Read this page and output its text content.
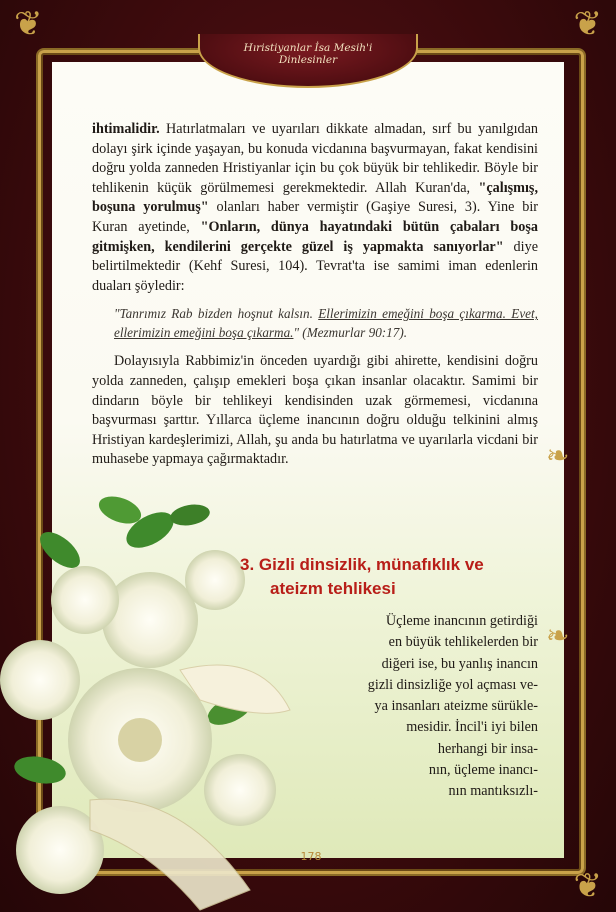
❦	❦
❦
❧
❧
Hıristiyanlar İsa Mesih'i
Dinlesinler

ihtimalidir. Hatırlatmaları ve uyarıları dikkate almadan, sırf bu yanılgıdan dolayı şirk içinde yaşayan, bu konuda vicdanına başvurmayan, fakat kendisini doğru yolda zanneden Hristiyanlar için bu çok büyük bir tehlikedir. Böyle bir tehlikenin küçük görülmemesi gerekmektedir. Allah Kuran'da, "çalışmış, boşuna yorulmuş" olanları haber vermiştir (Gaşiye Suresi, 3). Yine bir Kuran ayetinde, "Onların, dünya hayatındaki bütün çabaları boşa gitmişken, kendilerini gerçekte güzel iş yapmakta sanıyorlar" diye belirtilmektedir (Kehf Suresi, 104). Tevrat'ta ise samimi iman edenlerin duaları şöyledir:

"Tanrımız Rab bizden hoşnut kalsın. Ellerimizin emeğini boşa çıkarma. Evet, ellerimizin emeğini boşa çıkarma." (Mezmurlar 90:17).

Dolayısıyla Rabbimiz'in önceden uyardığı gibi ahirette, kendisini doğru yolda zanneden, çalışıp emekleri boşa çıkan insanlar olacaktır. Samimi bir dindarın böyle bir tehlikeyi kendisinden uzak görmemesi, vicdanına başvurması şarttır. Yıllarca üçleme inancının doğru olduğu telkinini almış Hristiyan kardeşlerimizi, Allah, şu anda bu hatırlatma ve uyarılarla vicdani bir muhasebe yapmaya çağırmaktadır.

3. Gizli dinsizlik, münafıklık ve
ateizm tehlikesi
Üçleme inancının getirdiği
en büyük tehlikelerden bir
diğeri ise, bu yanlış inancın
gizli dinsizliğe yol açması ve-
ya insanları ateizme sürükle-
mesidir. İncil'i iyi bilen
herhangi bir insa-
nın, üçleme inancı-
nın mantıksızlı-
178
